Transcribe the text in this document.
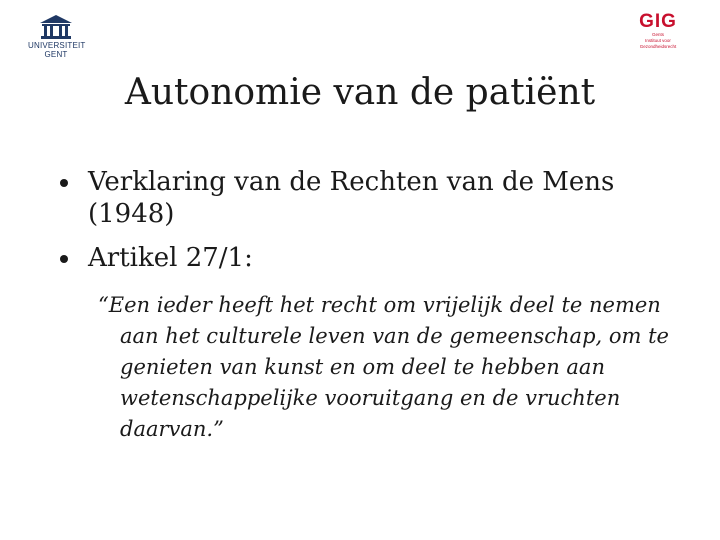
UNIVERSITEIT
GENT
GIG
Gents
Instituut voor
Gezondheidsrecht
Autonomie van de patiënt
Verklaring van de Rechten van de Mens (1948)
Artikel 27/1:
“Een ieder heeft het recht om vrijelijk deel te nemen aan het culturele leven van de gemeenschap, om te genieten van kunst en om deel te hebben aan wetenschappelijke vooruitgang en de vruchten daarvan.”
